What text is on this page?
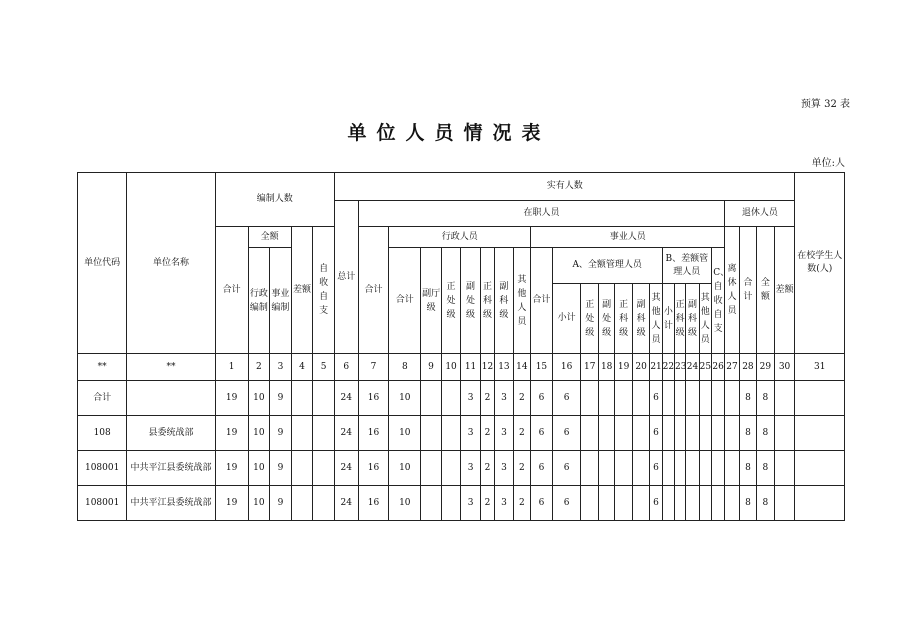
预算 32 表
单位人员情况表
单位:人
单位代码	单位名称	编制人数					实有人数																									在校学生人数(人)
							总计	在职人员																				退休人员				
		合计	全额		差额	自收自支		合计	行政人员							事业人员												离休人员	合计	全额	差额	

			行政编制	事业编制					合计	副厅级	正处级	副处级	正科级	副科级	其他人员	合计	A、全额管理人员						B、差额管理人员				C、自收自支					

																	小计	正处级	副处级	正科级	副科级	其他人员	小计	正科级	副科级	其他人员						

**	**	1	2	3	4	5	6	7	8	9	10	11	12	13	14	15	16	17	18	19	20	21	22	23	24	25	26	27	28	29	30	31
合计		19	10	9			24	16	10			3	2	3	2	6	6					6							8	8		
108	县委统战部	19	10	9			24	16	10			3	2	3	2	6	6					6							8	8		
108001	中共平江县委统战部	19	10	9			24	16	10			3	2	3	2	6	6					6							8	8		
108001	中共平江县委统战部	19	10	9			24	16	10			3	2	3	2	6	6					6							8	8		
